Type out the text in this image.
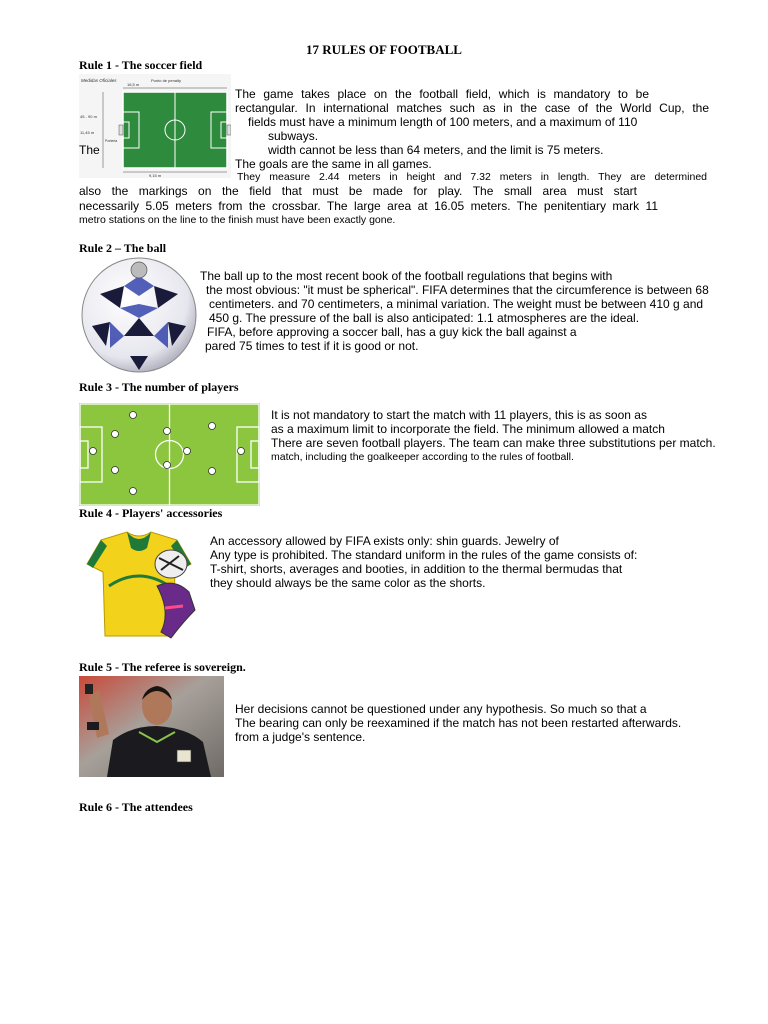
17 RULES OF FOOTBALL
Rule 1 - The soccer field
Medidas Oficiales	Punto de penalty
16,5 m
9,15 m
45 - 90 m
11,45 m
Porteria
The game takes place on the football field, which is mandatory to be
rectangular. In international matches such as in the case of the World Cup, the
fields must have a minimum length of 100 meters, and a maximum of 110
subways.
The	width cannot be less than 64 meters, and the limit is 75 meters.
The goals are the same in all games.
They measure 2.44 meters in height and 7.32 meters in length. They are determined
also the markings on the field that must be made for play. The small area must start
necessarily 5.05 meters from the crossbar. The large area at 16.05 meters. The penitentiary mark 11
metro stations on the line to the finish must have been exactly gone.
Rule 2 – The ball
The ball up to the most recent book of the football regulations that begins with
the most obvious: "it must be spherical". FIFA determines that the circumference is between 68
centimeters. and 70 centimeters, a minimal variation. The weight must be between 410 g and
450 g. The pressure of the ball is also anticipated: 1.1 atmospheres are the ideal.
FIFA, before approving a soccer ball, has a guy kick the ball against a
pared 75 times to test if it is good or not.
Rule 3 - The number of players
It is not mandatory to start the match with 11 players, this is as soon as
as a maximum limit to incorporate the field. The minimum allowed a match
There are seven football players. The team can make three substitutions per match.
match, including the goalkeeper according to the rules of football.
Rule 4 - Players' accessories
An accessory allowed by FIFA exists only: shin guards. Jewelry of
Any type is prohibited. The standard uniform in the rules of the game consists of:
T-shirt, shorts, averages and booties, in addition to the thermal bermudas that
they should always be the same color as the shorts.
Rule 5 - The referee is sovereign.
Her decisions cannot be questioned under any hypothesis. So much so that a
The bearing can only be reexamined if the match has not been restarted afterwards.
from a judge's sentence.
Rule 6 - The attendees
